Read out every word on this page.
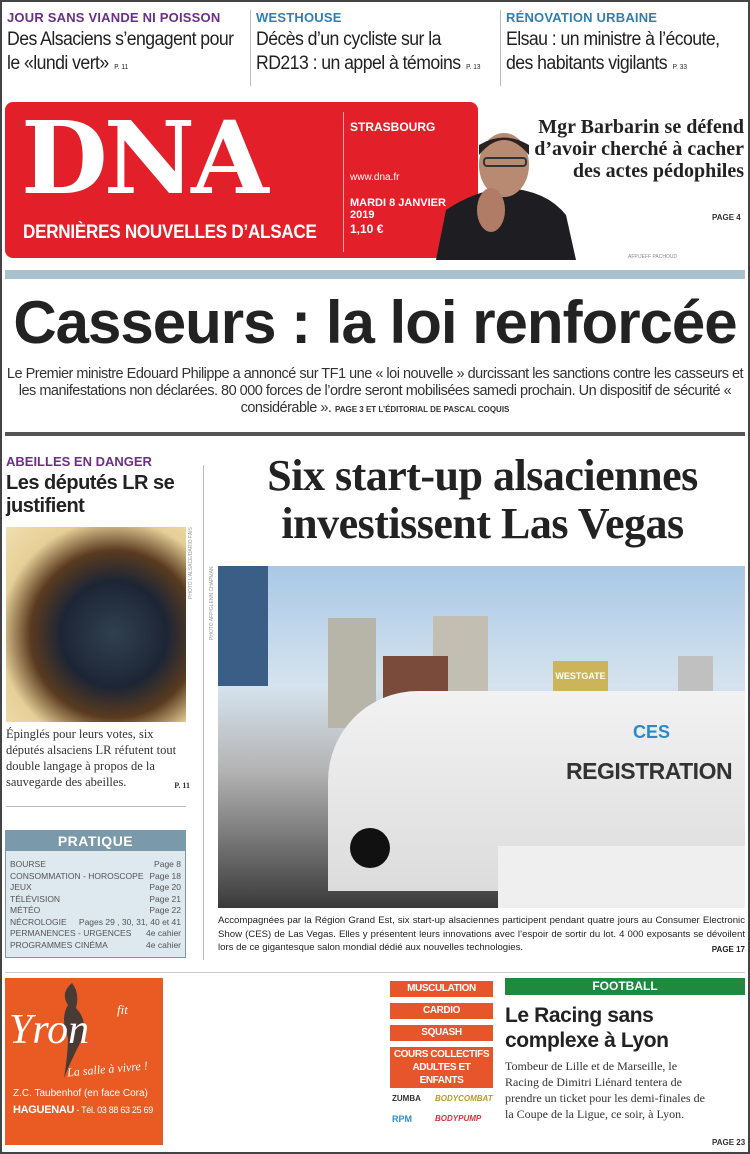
JOUR SANS VIANDE NI POISSON
Des Alsaciens s’engagent pour le «lundi vert» P. 11
WESTHOUSE
Décès d’un cycliste sur la RD213 : un appel à témoins P. 13
RÉNOVATION URBAINE
Elsau : un ministre à l’écoute, des habitants vigilants P. 33
DNA
DERNIÈRES NOUVELLES D’ALSACE
STRASBOURG
www.dna.fr
MARDI 8 JANVIER 2019
1,10 €
Mgr Barbarin se défend d’avoir cherché à cacher des actes pédophiles
PAGE 4
AFP/JEFF PACHOUD
Casseurs : la loi renforcée
Le Premier ministre Edouard Philippe a annoncé sur TF1 une « loi nouvelle » durcissant les sanctions contre les casseurs et les manifestations non déclarées. 80 000 forces de l’ordre seront mobilisées samedi prochain. Un dispositif de sécurité « considérable ». PAGE 3 ET L’ÉDITORIAL DE PASCAL COQUIS
ABEILLES EN DANGER
Les députés LR se justifient
PHOTO L’ALSACE/DARIO FAIS
Épinglés pour leurs votes, six députés alsaciens LR réfutent tout double langage à propos de la sauvegarde des abeilles.	P. 11
PRATIQUE
BOURSE	Page 8
CONSOMMATION - HOROSCOPE Page 18
JEUX	Page 20
TÉLÉVISION	Page 21
MÉTÉO	Page 22
NÉCROLOGIE Pages 29 , 30, 31, 40 et 41
PERMANENCES - URGENCES 4e cahier
PROGRAMMES CINÉMA	4e cahier
Six start-up alsaciennes investissent Las Vegas
WESTGATE
CES
REGISTRATION
PHOTO AFP/GLENN CHAPMAN
Accompagnées par la Région Grand Est, six start-up alsaciennes participent pendant quatre jours au Consumer Electronic Show (CES) de Las Vegas. Elles y présentent leurs innovations avec l’espoir de sortir du lot. 4 000 exposants se dévoilent lors de ce gigantesque salon mondial dédié aux nouvelles technologies.	PAGE 17
Yron fit
La salle à vivre !
Z.C. Taubenhof (en face Cora)
HAGUENAU - Tél. 03 88 63 25 69
MUSCULATION
CARDIO
SQUASH
COURS COLLECTIFS ADULTES ET ENFANTS
ZUMBA BODYCOMBAT
RPM	BODYPUMP
FOOTBALL
Le Racing sans complexe à Lyon
Tombeur de Lille et de Marseille, le Racing de Dimitri Liénard tentera de prendre un ticket pour les demi-finales de la Coupe de la Ligue, ce soir, à Lyon.
PAGE 23
